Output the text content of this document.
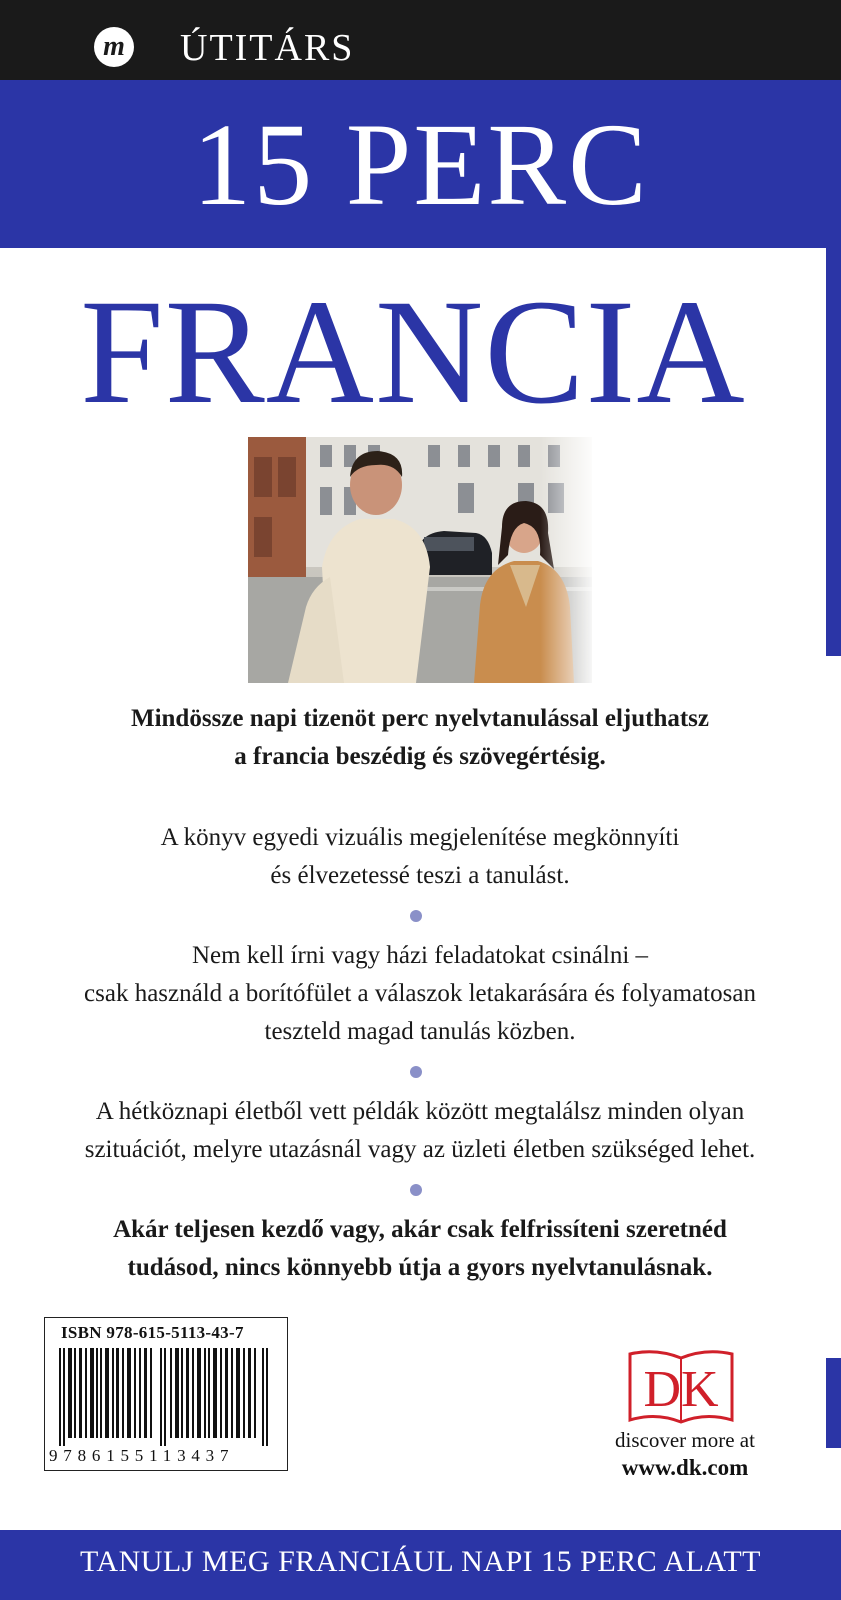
m ÚTITÁRS
15 PERC
FRANCIA

Mindössze napi tizenöt perc nyelvtanulással eljuthatsz

a francia beszédig és szövegértésig.

A könyv egyedi vizuális megjelenítése megkönnyíti

és élvezetessé teszi a tanulást.

Nem kell írni vagy házi feladatokat csinálni –

csak használd a borítófület a válaszok letakarására és folyamatosan

teszteld magad tanulás közben.

A hétköznapi életből vett példák között megtalálsz minden olyan

szituációt, melyre utazásnál vagy az üzleti életben szükséged lehet.

Akár teljesen kezdő vagy, akár csak felfrissíteni szeretnéd

tudásod, nincs könnyebb útja a gyors nyelvtanulásnak.

ISBN 978-615-5113-43-7
9786155113437
DK
discover more at
www.dk.com
TANULJ MEG FRANCIÁUL NAPI 15 PERC ALATT
